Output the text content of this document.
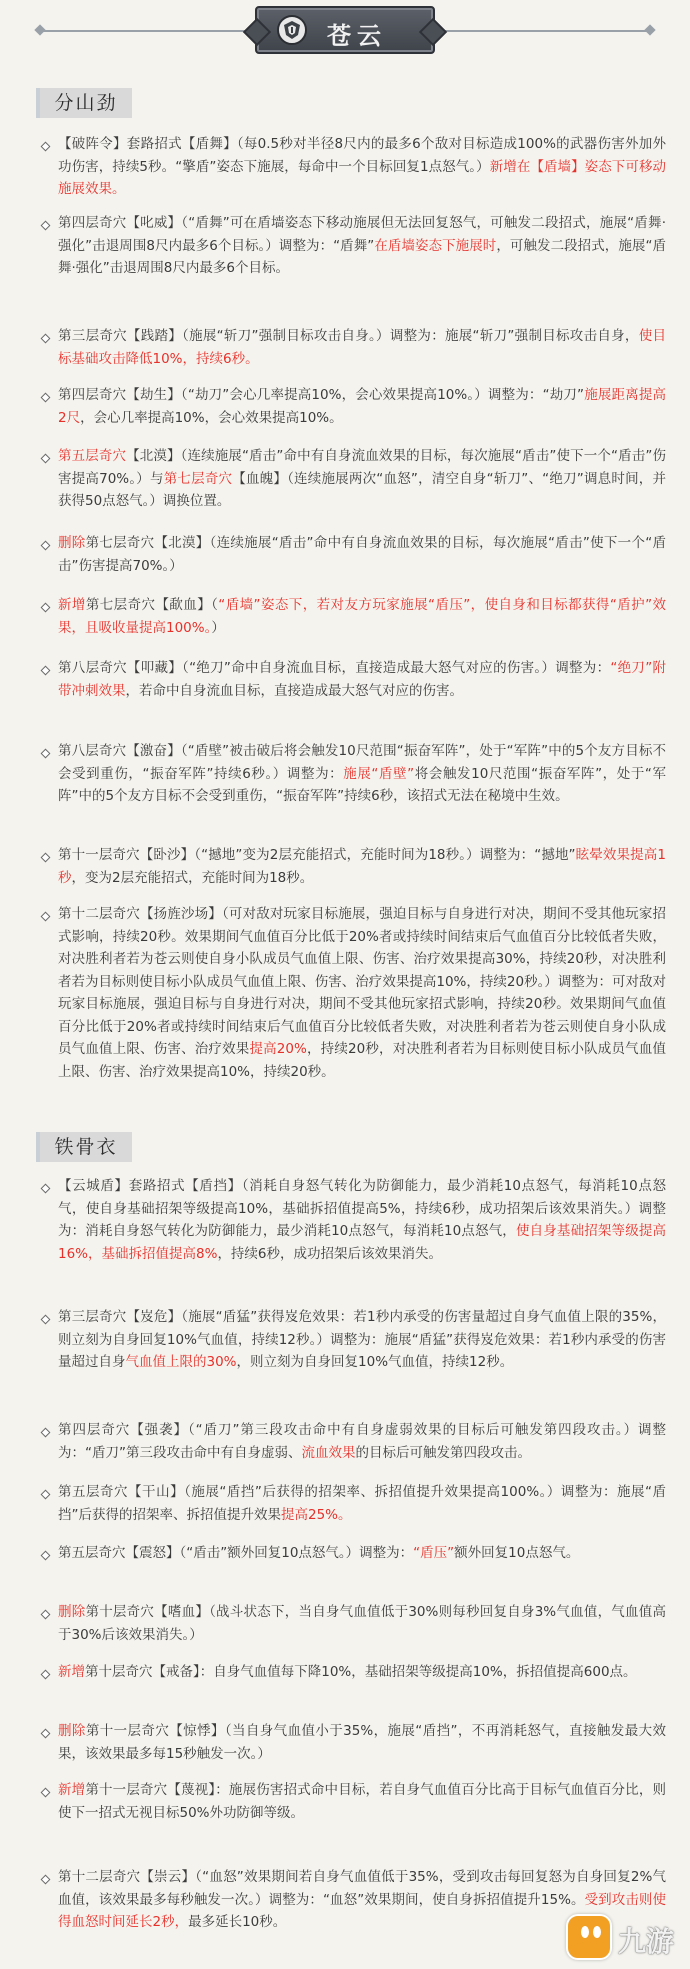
苍云
分山劲
【破阵令】套路招式【盾舞】（每0.5秒对半径8尺内的最多6个敌对目标造成100%的武器伤害外加外功伤害，持续5秒。“擎盾”姿态下施展，每命中一个目标回复1点怒气。）新增在【盾墙】姿态下可移动施展效果。
第四层奇穴【叱威】（“盾舞”可在盾墙姿态下移动施展但无法回复怒气，可触发二段招式，施展“盾舞·强化”击退周围8尺内最多6个目标。）调整为：“盾舞”在盾墙姿态下施展时，可触发二段招式，施展“盾舞·强化”击退周围8尺内最多6个目标。
第三层奇穴【践踏】（施展“斩刀”强制目标攻击自身。）调整为：施展“斩刀”强制目标攻击自身，使目标基础攻击降低10%，持续6秒。
第四层奇穴【劫生】（“劫刀”会心几率提高10%，会心效果提高10%。）调整为：“劫刀”施展距离提高2尺，会心几率提高10%，会心效果提高10%。
第五层奇穴【北漠】（连续施展“盾击”命中有自身流血效果的目标，每次施展“盾击”使下一个“盾击”伤害提高70%。）与第七层奇穴【血魄】（连续施展两次“血怒”，清空自身“斩刀”、“绝刀”调息时间，并获得50点怒气。）调换位置。
删除第七层奇穴【北漠】（连续施展“盾击”命中有自身流血效果的目标，每次施展“盾击”使下一个“盾击”伤害提高70%。）
新增第七层奇穴【歃血】（“盾墙”姿态下，若对友方玩家施展“盾压”，使自身和目标都获得“盾护”效果，且吸收量提高100%。）
第八层奇穴【叩藏】（“绝刀”命中自身流血目标，直接造成最大怒气对应的伤害。）调整为：“绝刀”附带冲刺效果，若命中自身流血目标，直接造成最大怒气对应的伤害。
第八层奇穴【激奋】（“盾壁”被击破后将会触发10尺范围“振奋军阵”，处于“军阵”中的5个友方目标不会受到重伤，“振奋军阵”持续6秒。）调整为：施展“盾壁”将会触发10尺范围“振奋军阵”，处于“军阵”中的5个友方目标不会受到重伤，“振奋军阵”持续6秒，该招式无法在秘境中生效。
第十一层奇穴【卧沙】（“撼地”变为2层充能招式，充能时间为18秒。）调整为：“撼地”眩晕效果提高1秒，变为2层充能招式，充能时间为18秒。
第十二层奇穴【扬旌沙场】（可对敌对玩家目标施展，强迫目标与自身进行对决，期间不受其他玩家招式影响，持续20秒。效果期间气血值百分比低于20%者或持续时间结束后气血值百分比较低者失败，对决胜利者若为苍云则使自身小队成员气血值上限、伤害、治疗效果提高30%，持续20秒，对决胜利者若为目标则使目标小队成员气血值上限、伤害、治疗效果提高10%，持续20秒。）调整为：可对敌对玩家目标施展，强迫目标与自身进行对决，期间不受其他玩家招式影响，持续20秒。效果期间气血值百分比低于20%者或持续时间结束后气血值百分比较低者失败，对决胜利者若为苍云则使自身小队成员气血值上限、伤害、治疗效果提高20%，持续20秒，对决胜利者若为目标则使目标小队成员气血值上限、伤害、治疗效果提高10%，持续20秒。
铁骨衣
【云城盾】套路招式【盾挡】（消耗自身怒气转化为防御能力，最少消耗10点怒气，每消耗10点怒气，使自身基础招架等级提高10%，基础拆招值提高5%，持续6秒，成功招架后该效果消失。）调整为：消耗自身怒气转化为防御能力，最少消耗10点怒气，每消耗10点怒气，使自身基础招架等级提高16%，基础拆招值提高8%，持续6秒，成功招架后该效果消失。
第三层奇穴【岌危】（施展“盾猛”获得岌危效果：若1秒内承受的伤害量超过自身气血值上限的35%，则立刻为自身回复10%气血值，持续12秒。）调整为：施展“盾猛”获得岌危效果：若1秒内承受的伤害量超过自身气血值上限的30%，则立刻为自身回复10%气血值，持续12秒。
第四层奇穴【强袭】（“盾刀”第三段攻击命中有自身虚弱效果的目标后可触发第四段攻击。）调整为：“盾刀”第三段攻击命中有自身虚弱、流血效果的目标后可触发第四段攻击。
第五层奇穴【干山】（施展“盾挡”后获得的招架率、拆招值提升效果提高100%。）调整为：施展“盾挡”后获得的招架率、拆招值提升效果提高25%。
第五层奇穴【震怒】（“盾击”额外回复10点怒气。）调整为：“盾压”额外回复10点怒气。
删除第十层奇穴【嗜血】（战斗状态下，当自身气血值低于30%则每秒回复自身3%气血值，气血值高于30%后该效果消失。）
新增第十层奇穴【戒备】：自身气血值每下降10%，基础招架等级提高10%，拆招值提高600点。
删除第十一层奇穴【惊悸】（当自身气血值小于35%，施展“盾挡”，不再消耗怒气，直接触发最大效果，该效果最多每15秒触发一次。）
新增第十一层奇穴【蔑视】：施展伤害招式命中目标，若自身气血值百分比高于目标气血值百分比，则使下一招式无视目标50%外功防御等级。
第十二层奇穴【崇云】（“血怒”效果期间若自身气血值低于35%，受到攻击每回复怒为自身回复2%气血值，该效果最多每秒触发一次。）调整为：“血怒”效果期间，使自身拆招值提升15%。受到攻击则使得血怒时间延长2秒，最多延长10秒。
九游
